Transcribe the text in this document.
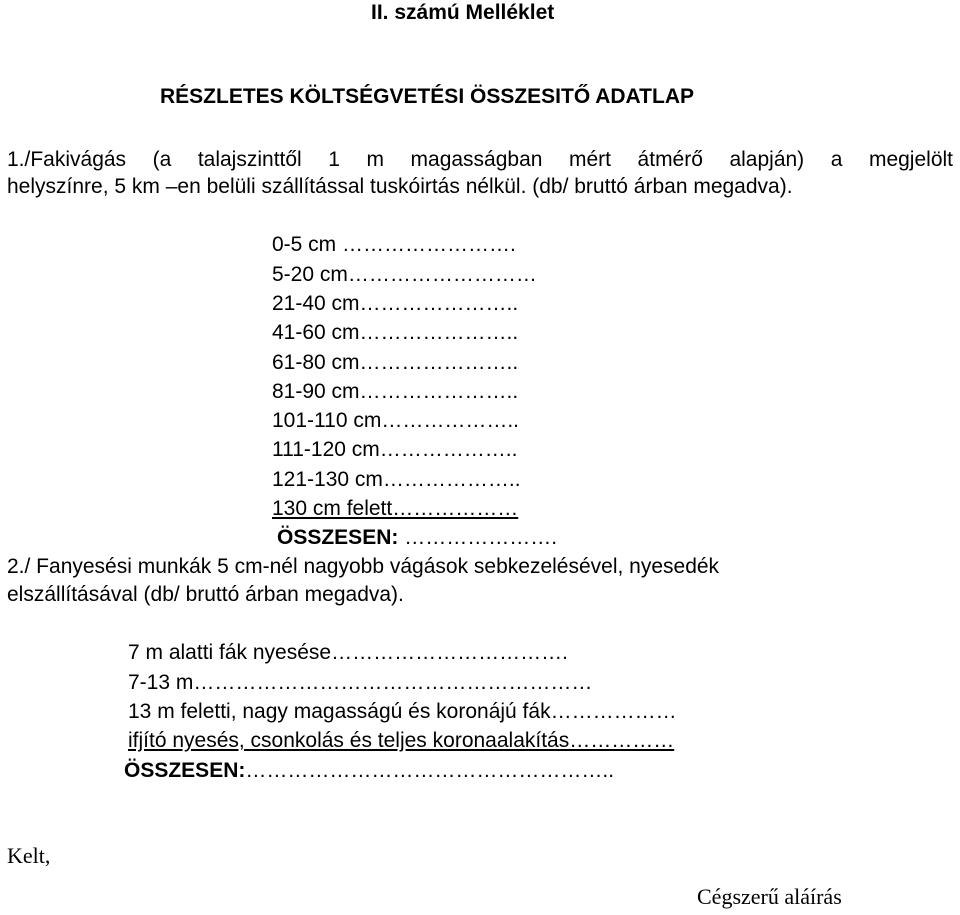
II. számú Melléklet
RÉSZLETES KÖLTSÉGVETÉSI ÖSSZESITŐ ADATLAP
1./Fakivágás (a talajszinttől 1 m magasságban mért átmérő alapján) a megjelölt
helyszínre, 5 km –en belüli szállítással tuskóirtás nélkül. (db/ bruttó árban megadva).
0-5 cm …………………….
5-20 cm………………………
21-40 cm…………………..
41-60 cm…………………..
61-80 cm…………………..
81-90 cm…………………..
101-110 cm………………..
111-120 cm………………..
121-130 cm………………..
130 cm felett………………
ÖSSZESEN: ………………….
2./ Fanyesési munkák 5 cm-nél nagyobb vágások sebkezelésével, nyesedék
elszállításával (db/ bruttó árban megadva).
7 m alatti fák nyesése…………………………….
7-13 m…………………………………………………
13 m feletti, nagy magasságú és koronájú fák………………
ifjító nyesés, csonkolás és teljes koronaalakítás……………
ÖSSZESEN:……………………………………………..
Kelt,
Cégszerű aláírás
